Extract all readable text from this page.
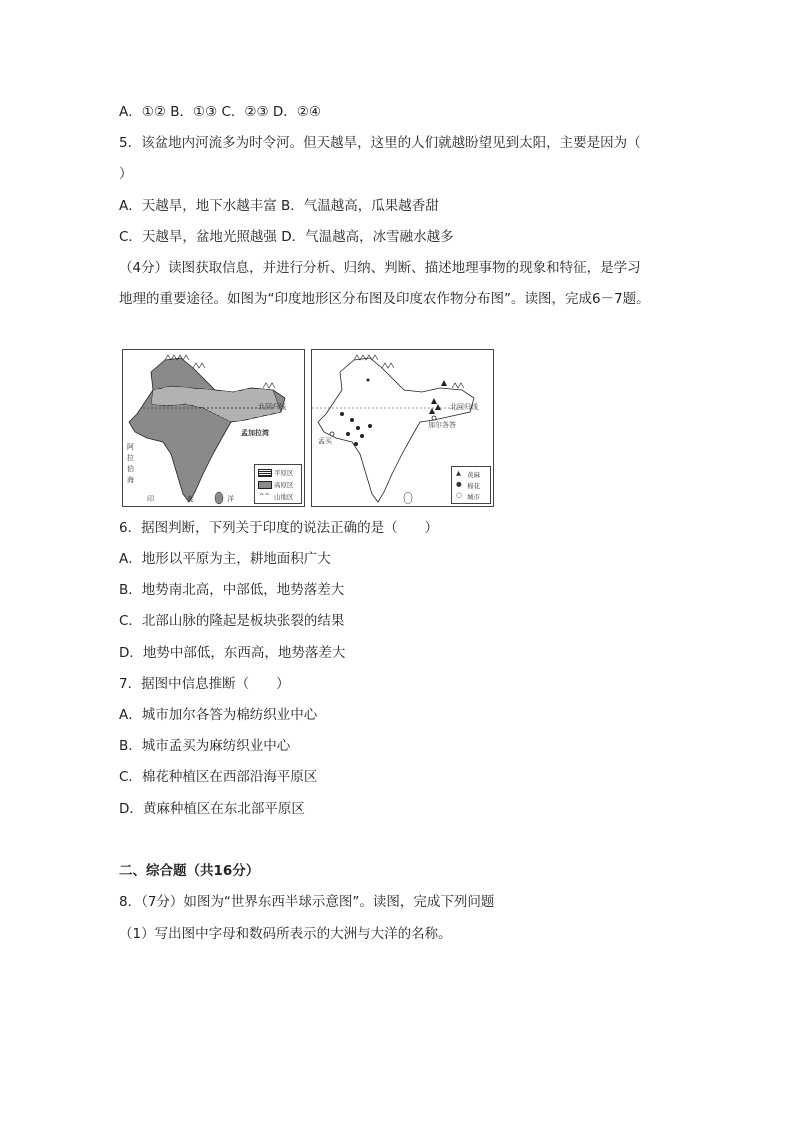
A．①② B．①③ C．②③ D．②④
5．该盆地内河流多为时令河。但天越旱，这里的人们就越盼望见到太阳，主要是因为（
）
A．天越旱，地下水越丰富 B．气温越高，瓜果越香甜
C．天越旱，盆地光照越强 D．气温越高，冰雪融水越多
（4分）读图获取信息，并进行分析、归纳、判断、描述地理事物的现象和特征，是学习
地理的重要途径。如图为“印度地形区分布图及印度农作物分布图”。读图，完成6－7题。
北回归线
孟加拉湾
阿
拉
伯
海
印	度	洋
平原区
高原区
^^ 山地区
北回归线
加尔各答
孟买
▲ 黄麻
● 棉花
○ 城市
6．据图判断，下列关于印度的说法正确的是（　　）
A．地形以平原为主，耕地面积广大
B．地势南北高，中部低，地势落差大
C．北部山脉的隆起是板块张裂的结果
D．地势中部低，东西高，地势落差大
7．据图中信息推断（　　）
A．城市加尔各答为棉纺织业中心
B．城市孟买为麻纺织业中心
C．棉花种植区在西部沿海平原区
D．黄麻种植区在东北部平原区
二、综合题（共16分）
8．（7分）如图为“世界东西半球示意图”。读图，完成下列问题
（1）写出图中字母和数码所表示的大洲与大洋的名称。
